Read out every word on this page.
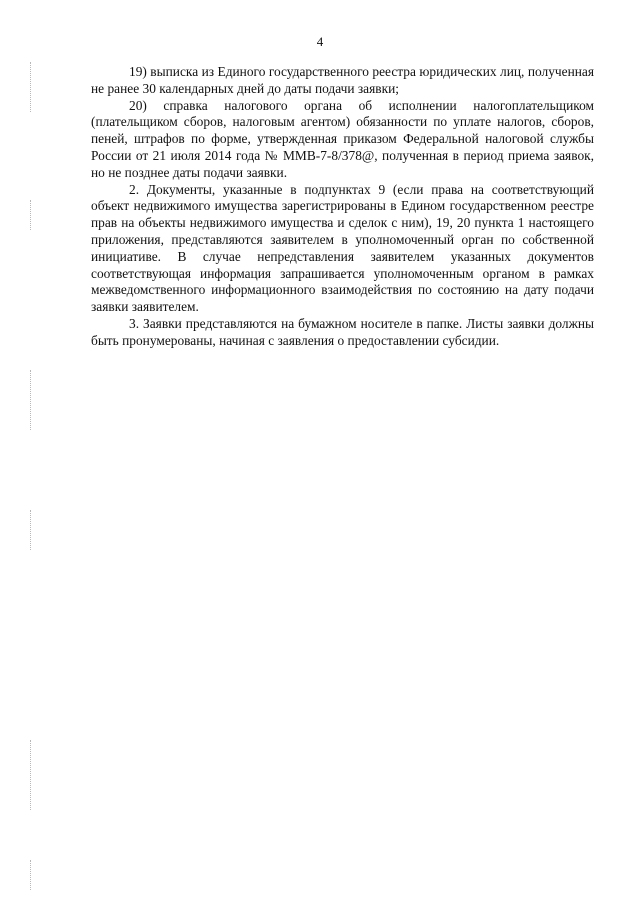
4

19) выписка из Единого государственного реестра юридических лиц, полученная не ранее 30 календарных дней до даты подачи заявки;

20) справка налогового органа об исполнении налогоплательщиком (плательщиком сборов, налоговым агентом) обязанности по уплате налогов, сборов, пеней, штрафов по форме, утвержденная приказом Федеральной налоговой службы России от 21 июля 2014 года № ММВ-7-8/378@, полученная в период приема заявок, но не позднее даты подачи заявки.

2. Документы, указанные в подпунктах 9 (если права на соответствующий объект недвижимого имущества зарегистрированы в Едином государственном реестре прав на объекты недвижимого имущества и сделок с ним), 19, 20 пункта 1 настоящего приложения, представляются заявителем в уполномоченный орган по собственной инициативе. В случае непредставления заявителем указанных документов соответствующая информация запрашивается уполномоченным органом в рамках межведомственного информационного взаимодействия по состоянию на дату подачи заявки заявителем.

3. Заявки представляются на бумажном носителе в папке. Листы заявки должны быть пронумерованы, начиная с заявления о предоставлении субсидии.
